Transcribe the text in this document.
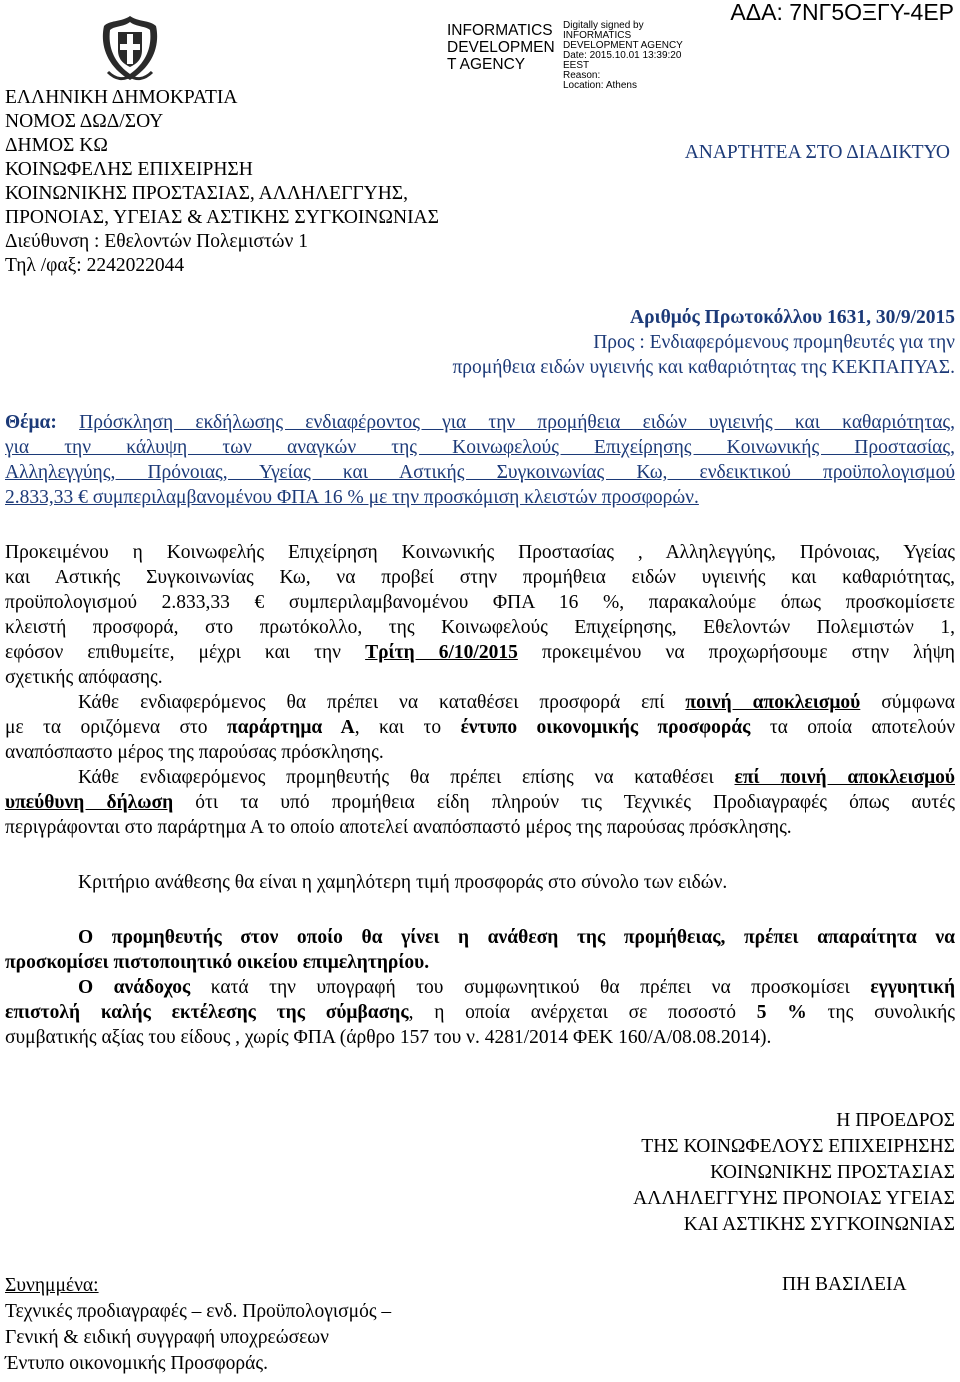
INFORMATICS
DEVELOPMEN
T AGENCY
Digitally signed by
INFORMATICS
DEVELOPMENT AGENCY
Date: 2015.10.01 13:39:20
EEST
Reason:
Location: Athens
ΑΔΑ: 7ΝΓ5ΟΞΓΥ-4ΕΡ
ΕΛΛΗΝΙΚΗ ΔΗΜΟΚΡΑΤΙΑ
ΝΟΜΟΣ ΔΩΔ/ΣΟΥ
ΔΗΜΟΣ ΚΩ
ΚΟΙΝΩΦΕΛΗΣ ΕΠΙΧΕΙΡΗΣΗ
ΚΟΙΝΩΝΙΚΗΣ ΠΡΟΣΤΑΣΙΑΣ, ΑΛΛΗΛΕΓΓΥΗΣ,
ΠΡΟΝΟΙΑΣ, ΥΓΕΙΑΣ & ΑΣΤΙΚΗΣ ΣΥΓΚΟΙΝΩΝΙΑΣ
Διεύθυνση : Εθελοντών Πολεμιστών 1
Τηλ /φαξ: 2242022044
ΑΝΑΡΤΗΤΕΑ ΣΤΟ ΔΙΑΔΙΚΤΥΟ
Αριθμός Πρωτοκόλλου 1631, 30/9/2015
Προς : Ενδιαφερόμενους προμηθευτές για την
προμήθεια ειδών υγιεινής και καθαριότητας της ΚΕΚΠΑΠΥΑΣ.
Θέμα: Πρόσκληση εκδήλωσης ενδιαφέροντος για την προμήθεια ειδών υγιεινής και καθαριότητας,
για την κάλυψη των αναγκών της Κοινωφελούς Επιχείρησης Κοινωνικής Προστασίας,
Αλληλεγγύης, Πρόνοιας, Υγείας και Αστικής Συγκοινωνίας Κω, ενδεικτικού προϋπολογισμού
2.833,33 € συμπεριλαμβανομένου ΦΠΑ 16 % με την προσκόμιση κλειστών προσφορών.
Προκειμένου η Κοινωφελής Επιχείρηση Κοινωνικής Προστασίας , Αλληλεγγύης, Πρόνοιας, Υγείας
και Αστικής Συγκοινωνίας Κω, να προβεί στην προμήθεια ειδών υγιεινής και καθαριότητας,
προϋπολογισμού 2.833,33 € συμπεριλαμβανομένου ΦΠΑ 16 %, παρακαλούμε όπως προσκομίσετε
κλειστή προσφορά, στο πρωτόκολλο, της Κοινωφελούς Επιχείρησης, Εθελοντών Πολεμιστών 1,
εφόσον επιθυμείτε, μέχρι και την Τρίτη 6/10/2015 προκειμένου να προχωρήσουμε στην λήψη
σχετικής απόφασης.
Κάθε ενδιαφερόμενος θα πρέπει να καταθέσει προσφορά επί ποινή αποκλεισμού σύμφωνα
με τα οριζόμενα στο παράρτημα Α, και το έντυπο οικονομικής προσφοράς τα οποία αποτελούν
αναπόσπαστο μέρος της παρούσας πρόσκλησης.
Κάθε ενδιαφερόμενος προμηθευτής θα πρέπει επίσης να καταθέσει επί ποινή αποκλεισμού
υπεύθυνη δήλωση ότι τα υπό προμήθεια είδη πληρούν τις Τεχνικές Προδιαγραφές όπως αυτές
περιγράφονται στο παράρτημα Α το οποίο αποτελεί αναπόσπαστό μέρος της παρούσας πρόσκλησης.
Κριτήριο ανάθεσης θα είναι η χαμηλότερη τιμή προσφοράς στο σύνολο των ειδών.
Ο προμηθευτής στον οποίο θα γίνει η ανάθεση της προμήθειας, πρέπει απαραίτητα να
προσκομίσει πιστοποιητικό οικείου επιμελητηρίου.
Ο ανάδοχος κατά την υπογραφή του συμφωνητικού θα πρέπει να προσκομίσει εγγυητική
επιστολή καλής εκτέλεσης της σύμβασης, η οποία ανέρχεται σε ποσοστό 5 % της συνολικής
συμβατικής αξίας του είδους , χωρίς ΦΠΑ (άρθρο 157 του ν. 4281/2014 ΦΕΚ 160/Α/08.08.2014).
Η ΠΡΟΕΔΡΟΣ
ΤΗΣ ΚΟΙΝΩΦΕΛΟΥΣ ΕΠΙΧΕΙΡΗΣΗΣ
ΚΟΙΝΩΝΙΚΗΣ ΠΡΟΣΤΑΣΙΑΣ
ΑΛΛΗΛΕΓΓΥΗΣ ΠΡΟΝΟΙΑΣ ΥΓΕΙΑΣ
ΚΑΙ ΑΣΤΙΚΗΣ ΣΥΓΚΟΙΝΩΝΙΑΣ
ΠΗ ΒΑΣΙΛΕΙΑ
Συνημμένα:
Τεχνικές προδιαγραφές – ενδ. Προϋπολογισμός –
Γενική & ειδική συγγραφή υποχρεώσεων
Έντυπο οικονομικής Προσφοράς.
